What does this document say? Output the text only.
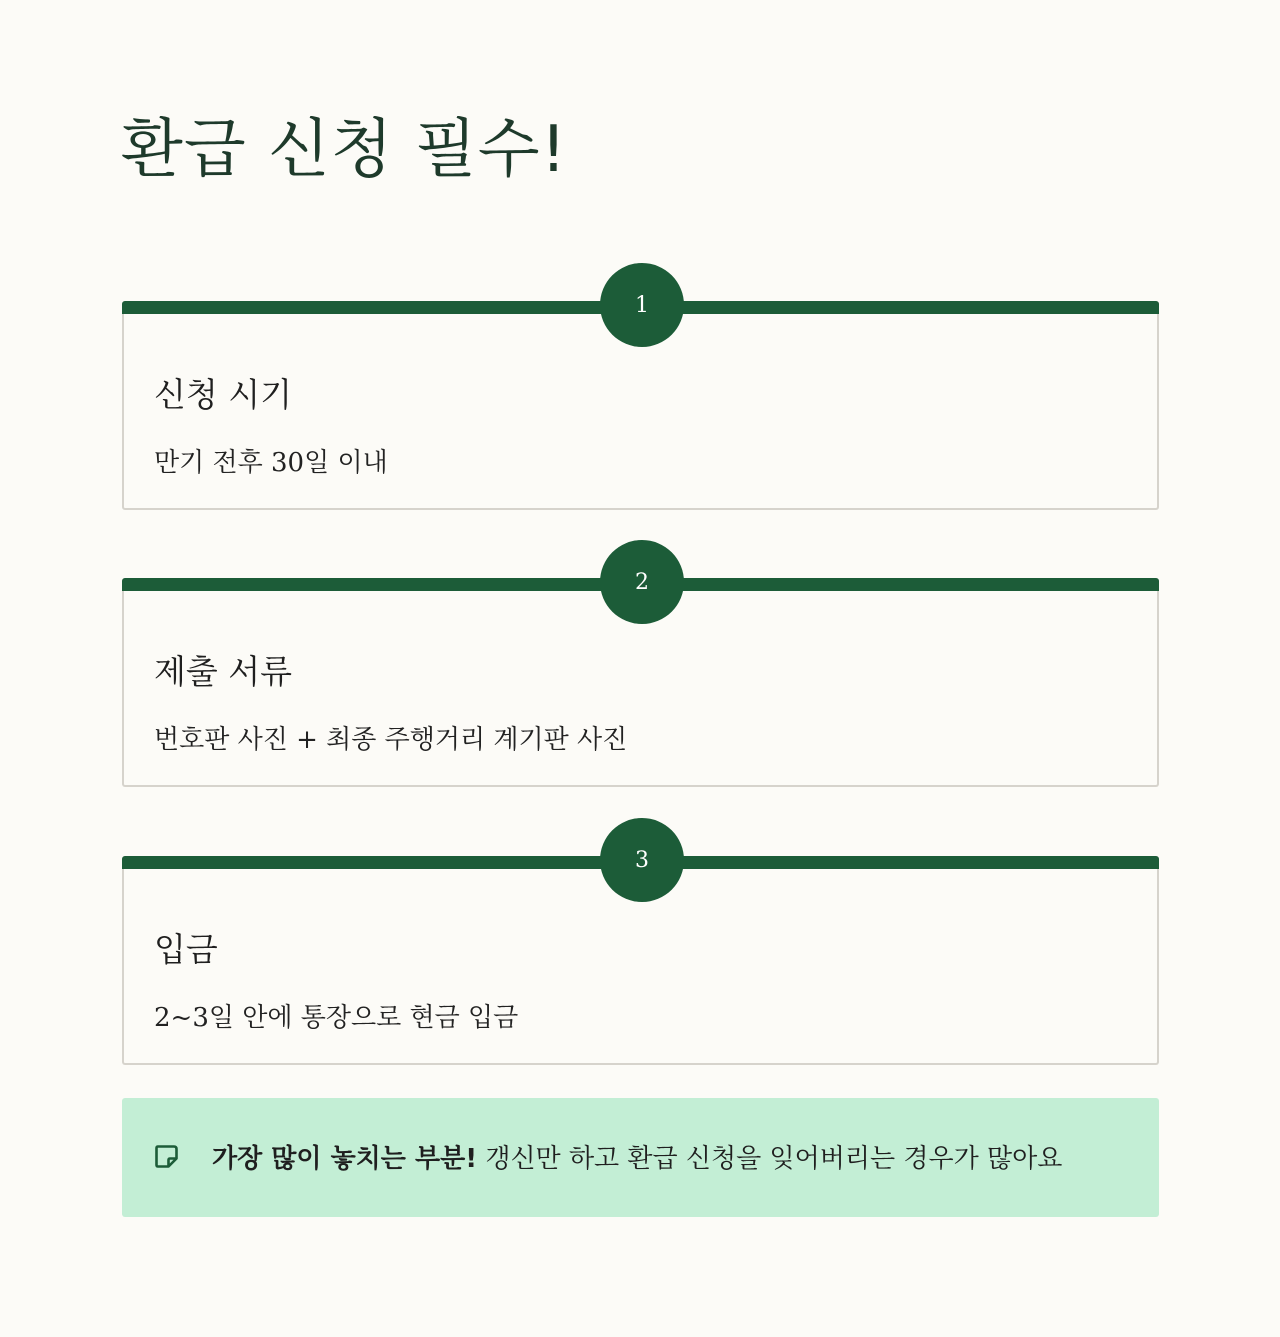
환급 신청 필수!
1
신청 시기

만기 전후 30일 이내

2
제출 서류

번호판 사진 + 최종 주행거리 계기판 사진

3
입금

2~3일 안에 통장으로 현금 입금

가장 많이 놓치는 부분! 갱신만 하고 환급 신청을 잊어버리는 경우가 많아요
